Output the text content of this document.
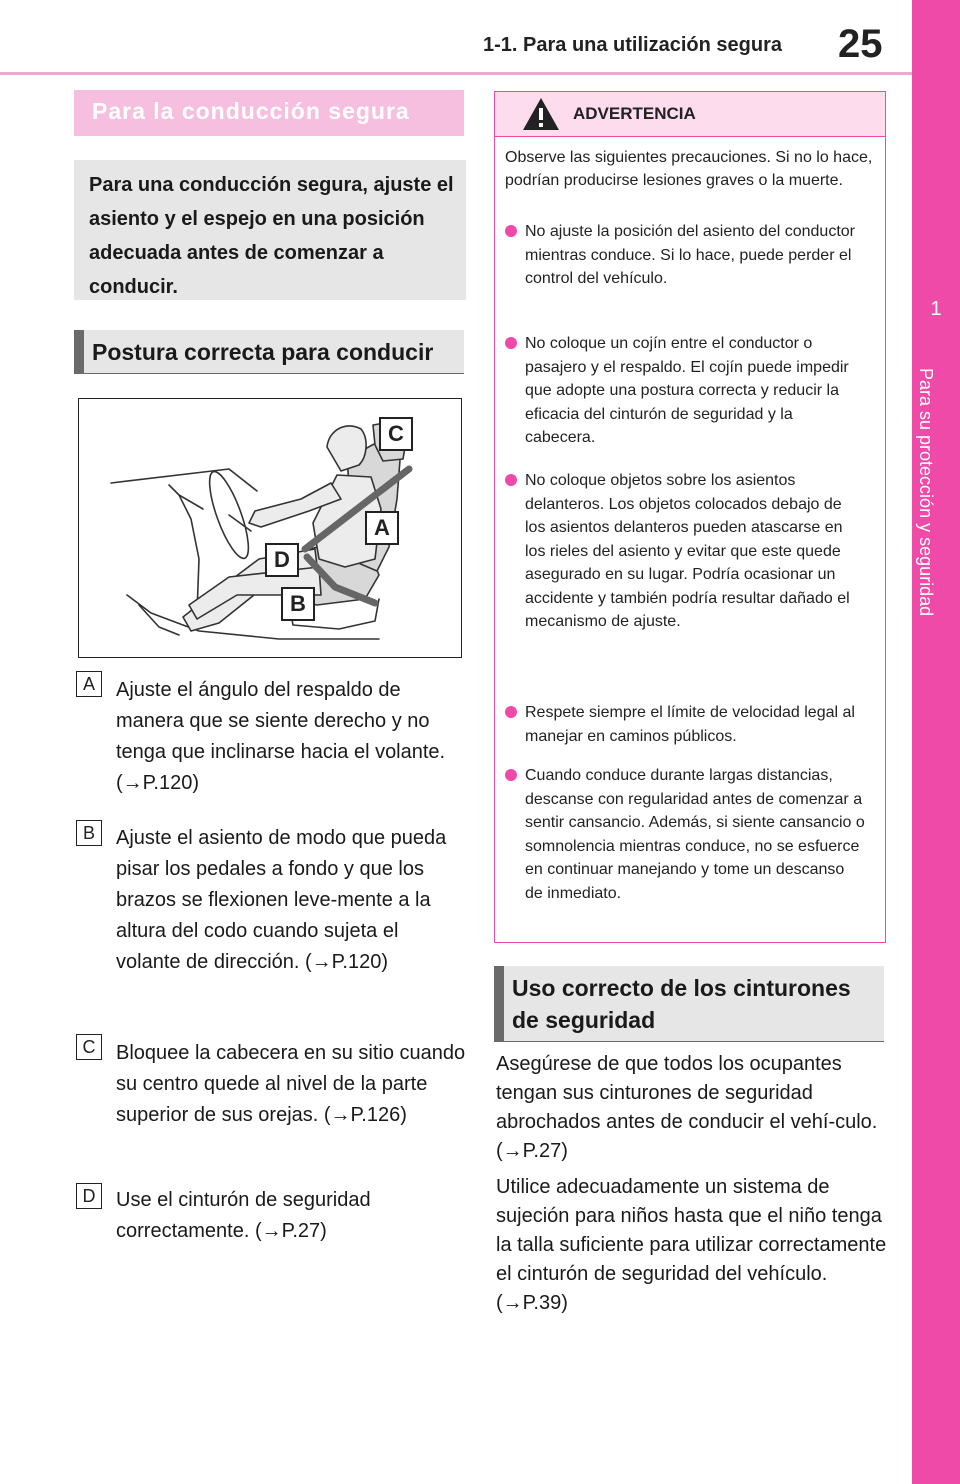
1-1. Para una utilización segura 25
1
Para su protección y seguridad
Para la conducción segura
Para una conducción segura, ajuste el asiento y el espejo en una posición adecuada antes de comenzar a conducir.
Postura correcta para conducir
C
A
D
B
A	Ajuste el ángulo del respaldo de manera que se siente derecho y no tenga que inclinarse hacia el volante. (→P.120)
B	Ajuste el asiento de modo que pueda pisar los pedales a fondo y que los brazos se flexionen leve-mente a la altura del codo cuando sujeta el volante de dirección. (→P.120)
C	Bloquee la cabecera en su sitio cuando su centro quede al nivel de la parte superior de sus orejas. (→P.126)
D	Use el cinturón de seguridad correctamente. (→P.27)
ADVERTENCIA
Observe las siguientes precauciones. Si no lo hace, podrían producirse lesiones graves o la muerte.
No ajuste la posición del asiento del conductor mientras conduce. Si lo hace, puede perder el control del vehículo.
No coloque un cojín entre el conductor o pasajero y el respaldo. El cojín puede impedir que adopte una postura correcta y reducir la eficacia del cinturón de seguridad y la cabecera.
No coloque objetos sobre los asientos delanteros. Los objetos colocados debajo de los asientos delanteros pueden atascarse en los rieles del asiento y evitar que este quede asegurado en su lugar. Podría ocasionar un accidente y también podría resultar dañado el mecanismo de ajuste.
Respete siempre el límite de velocidad legal al manejar en caminos públicos.
Cuando conduce durante largas distancias, descanse con regularidad antes de comenzar a sentir cansancio. Además, si siente cansancio o somnolencia mientras conduce, no se esfuerce en continuar manejando y tome un descanso de inmediato.
Uso correcto de los cinturones de seguridad
Asegúrese de que todos los ocupantes tengan sus cinturones de seguridad abrochados antes de conducir el vehí-culo. (→P.27)
Utilice adecuadamente un sistema de sujeción para niños hasta que el niño tenga la talla suficiente para utilizar correctamente el cinturón de seguridad del vehículo. (→P.39)
